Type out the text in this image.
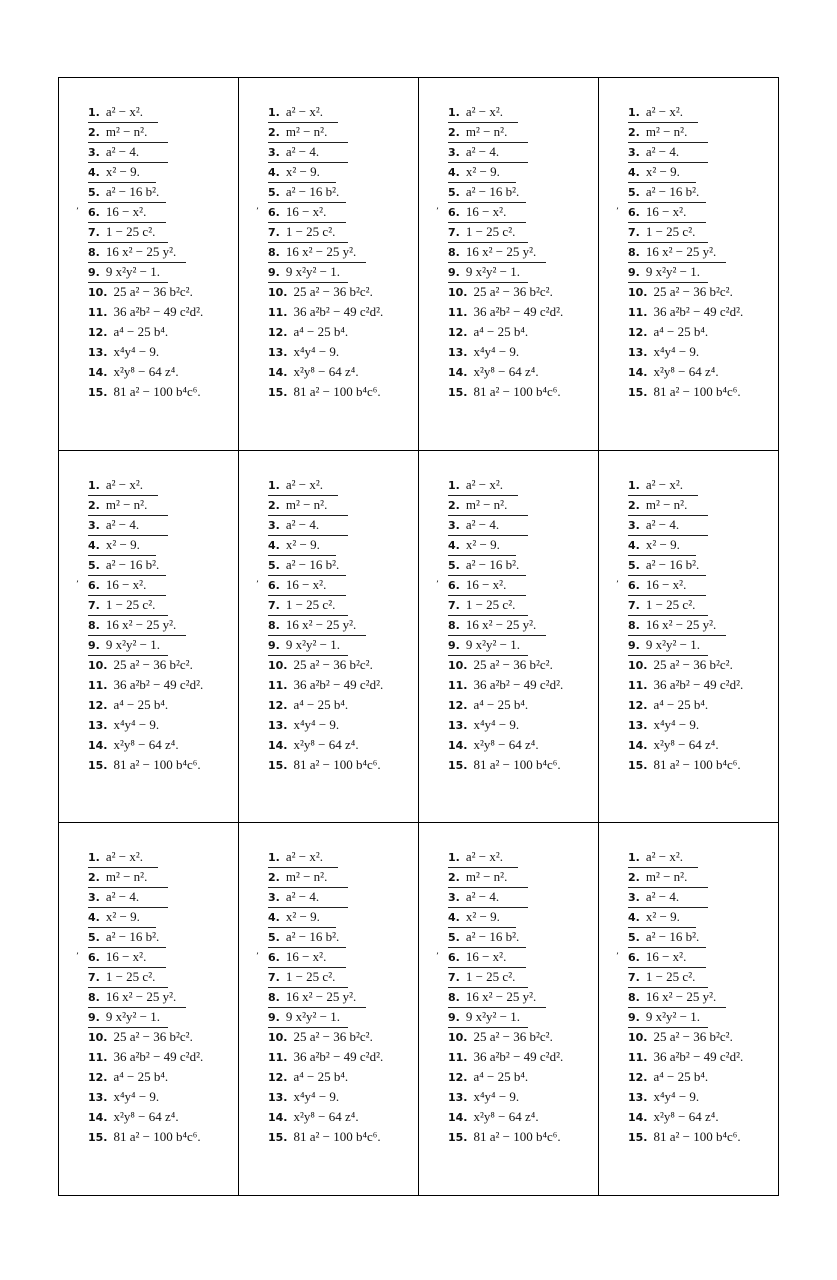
1. a² − x².
2. m² − n².
3. a² − 4.
4. x² − 9.
5. a² − 16 b².
ʼ 6. 16 − x².
7. 1 − 25 c².
8. 16 x² − 25 y².
9. 9 x²y² − 1.
10. 25 a² − 36 b²c².
11. 36 a²b² − 49 c²d².
12. a⁴ − 25 b⁴.
13. x⁴y⁴ − 9.
14. x²y⁸ − 64 z⁴.
15. 81 a² − 100 b⁴c⁶.
1. a² − x².
2. m² − n².
3. a² − 4.
4. x² − 9.
5. a² − 16 b².
ʼ 6. 16 − x².
7. 1 − 25 c².
8. 16 x² − 25 y².
9. 9 x²y² − 1.
10. 25 a² − 36 b²c².
11. 36 a²b² − 49 c²d².
12. a⁴ − 25 b⁴.
13. x⁴y⁴ − 9.
14. x²y⁸ − 64 z⁴.
15. 81 a² − 100 b⁴c⁶.
1. a² − x².
2. m² − n².
3. a² − 4.
4. x² − 9.
5. a² − 16 b².
ʼ 6. 16 − x².
7. 1 − 25 c².
8. 16 x² − 25 y².
9. 9 x²y² − 1.
10. 25 a² − 36 b²c².
11. 36 a²b² − 49 c²d².
12. a⁴ − 25 b⁴.
13. x⁴y⁴ − 9.
14. x²y⁸ − 64 z⁴.
15. 81 a² − 100 b⁴c⁶.
1. a² − x².
2. m² − n².
3. a² − 4.
4. x² − 9.
5. a² − 16 b².
ʼ 6. 16 − x².
7. 1 − 25 c².
8. 16 x² − 25 y².
9. 9 x²y² − 1.
10. 25 a² − 36 b²c².
11. 36 a²b² − 49 c²d².
12. a⁴ − 25 b⁴.
13. x⁴y⁴ − 9.
14. x²y⁸ − 64 z⁴.
15. 81 a² − 100 b⁴c⁶.
1. a² − x².
2. m² − n².
3. a² − 4.
4. x² − 9.
5. a² − 16 b².
ʼ 6. 16 − x².
7. 1 − 25 c².
8. 16 x² − 25 y².
9. 9 x²y² − 1.
10. 25 a² − 36 b²c².
11. 36 a²b² − 49 c²d².
12. a⁴ − 25 b⁴.
13. x⁴y⁴ − 9.
14. x²y⁸ − 64 z⁴.
15. 81 a² − 100 b⁴c⁶.
1. a² − x².
2. m² − n².
3. a² − 4.
4. x² − 9.
5. a² − 16 b².
ʼ 6. 16 − x².
7. 1 − 25 c².
8. 16 x² − 25 y².
9. 9 x²y² − 1.
10. 25 a² − 36 b²c².
11. 36 a²b² − 49 c²d².
12. a⁴ − 25 b⁴.
13. x⁴y⁴ − 9.
14. x²y⁸ − 64 z⁴.
15. 81 a² − 100 b⁴c⁶.
1. a² − x².
2. m² − n².
3. a² − 4.
4. x² − 9.
5. a² − 16 b².
ʼ 6. 16 − x².
7. 1 − 25 c².
8. 16 x² − 25 y².
9. 9 x²y² − 1.
10. 25 a² − 36 b²c².
11. 36 a²b² − 49 c²d².
12. a⁴ − 25 b⁴.
13. x⁴y⁴ − 9.
14. x²y⁸ − 64 z⁴.
15. 81 a² − 100 b⁴c⁶.
1. a² − x².
2. m² − n².
3. a² − 4.
4. x² − 9.
5. a² − 16 b².
ʼ 6. 16 − x².
7. 1 − 25 c².
8. 16 x² − 25 y².
9. 9 x²y² − 1.
10. 25 a² − 36 b²c².
11. 36 a²b² − 49 c²d².
12. a⁴ − 25 b⁴.
13. x⁴y⁴ − 9.
14. x²y⁸ − 64 z⁴.
15. 81 a² − 100 b⁴c⁶.
1. a² − x².
2. m² − n².
3. a² − 4.
4. x² − 9.
5. a² − 16 b².
ʼ 6. 16 − x².
7. 1 − 25 c².
8. 16 x² − 25 y².
9. 9 x²y² − 1.
10. 25 a² − 36 b²c².
11. 36 a²b² − 49 c²d².
12. a⁴ − 25 b⁴.
13. x⁴y⁴ − 9.
14. x²y⁸ − 64 z⁴.
15. 81 a² − 100 b⁴c⁶.
1. a² − x².
2. m² − n².
3. a² − 4.
4. x² − 9.
5. a² − 16 b².
ʼ 6. 16 − x².
7. 1 − 25 c².
8. 16 x² − 25 y².
9. 9 x²y² − 1.
10. 25 a² − 36 b²c².
11. 36 a²b² − 49 c²d².
12. a⁴ − 25 b⁴.
13. x⁴y⁴ − 9.
14. x²y⁸ − 64 z⁴.
15. 81 a² − 100 b⁴c⁶.
1. a² − x².
2. m² − n².
3. a² − 4.
4. x² − 9.
5. a² − 16 b².
ʼ 6. 16 − x².
7. 1 − 25 c².
8. 16 x² − 25 y².
9. 9 x²y² − 1.
10. 25 a² − 36 b²c².
11. 36 a²b² − 49 c²d².
12. a⁴ − 25 b⁴.
13. x⁴y⁴ − 9.
14. x²y⁸ − 64 z⁴.
15. 81 a² − 100 b⁴c⁶.
1. a² − x².
2. m² − n².
3. a² − 4.
4. x² − 9.
5. a² − 16 b².
ʼ 6. 16 − x².
7. 1 − 25 c².
8. 16 x² − 25 y².
9. 9 x²y² − 1.
10. 25 a² − 36 b²c².
11. 36 a²b² − 49 c²d².
12. a⁴ − 25 b⁴.
13. x⁴y⁴ − 9.
14. x²y⁸ − 64 z⁴.
15. 81 a² − 100 b⁴c⁶.
